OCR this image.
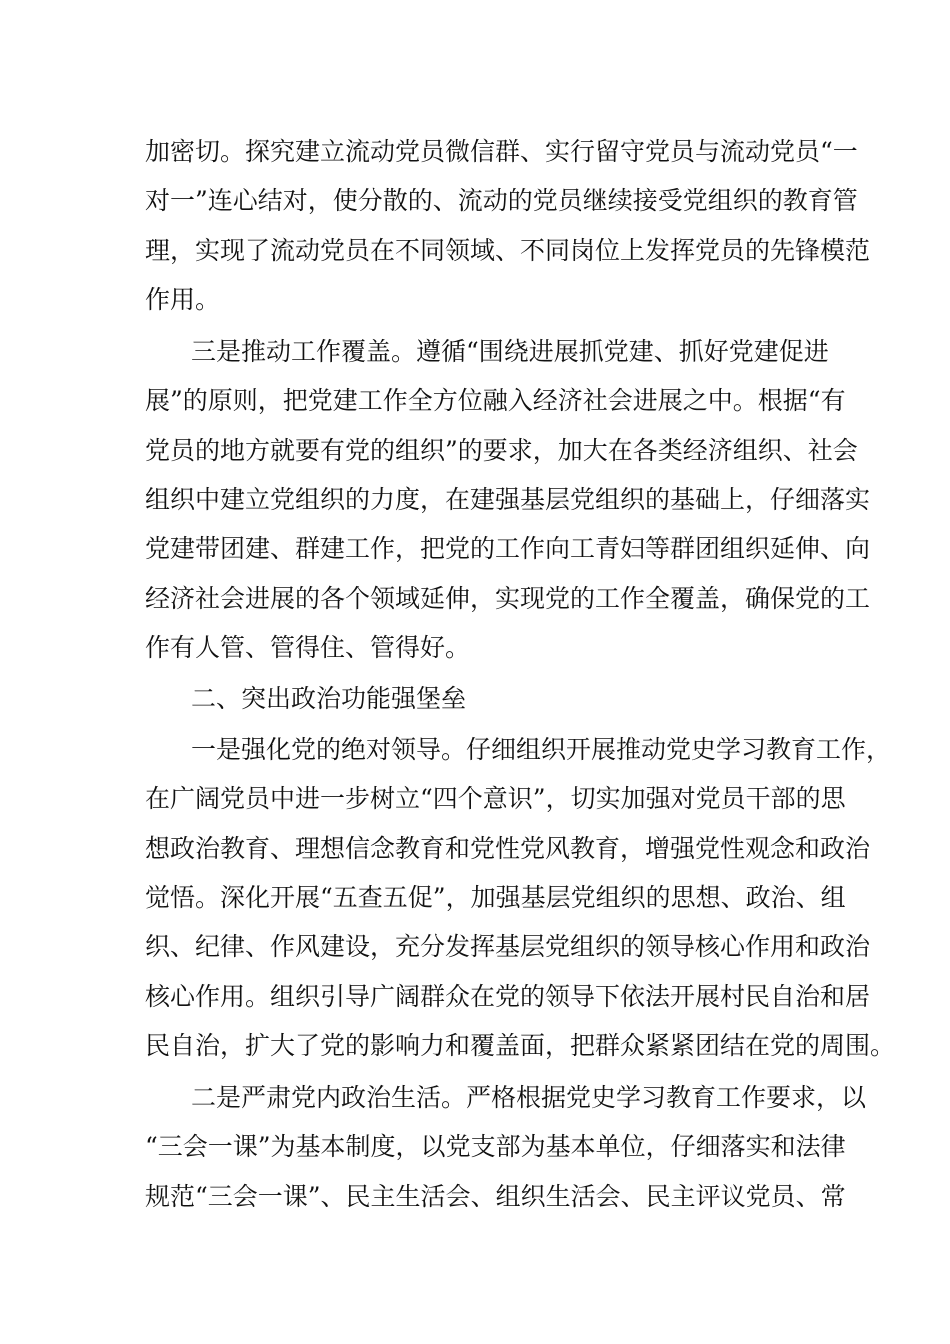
加密切。探究建立流动党员微信群、实行留守党员与流动党员“一
对一”连心结对，使分散的、流动的党员继续接受党组织的教育管
理，实现了流动党员在不同领域、不同岗位上发挥党员的先锋模范
作用。
三是推动工作覆盖。遵循“围绕进展抓党建、抓好党建促进
展”的原则，把党建工作全方位融入经济社会进展之中。根据“有
党员的地方就要有党的组织”的要求，加大在各类经济组织、社会
组织中建立党组织的力度，在建强基层党组织的基础上，仔细落实
党建带团建、群建工作，把党的工作向工青妇等群团组织延伸、向
经济社会进展的各个领域延伸，实现党的工作全覆盖，确保党的工
作有人管、管得住、管得好。
二、突出政治功能强堡垒
一是强化党的绝对领导。仔细组织开展推动党史学习教育工作，
在广阔党员中进一步树立“四个意识”，切实加强对党员干部的思
想政治教育、理想信念教育和党性党风教育，增强党性观念和政治
觉悟。深化开展“五查五促”，加强基层党组织的思想、政治、组
织、纪律、作风建设，充分发挥基层党组织的领导核心作用和政治
核心作用。组织引导广阔群众在党的领导下依法开展村民自治和居
民自治，扩大了党的影响力和覆盖面，把群众紧紧团结在党的周围。
二是严肃党内政治生活。严格根据党史学习教育工作要求，以
“三会一课”为基本制度，以党支部为基本单位，仔细落实和法律
规范“三会一课”、民主生活会、组织生活会、民主评议党员、常
